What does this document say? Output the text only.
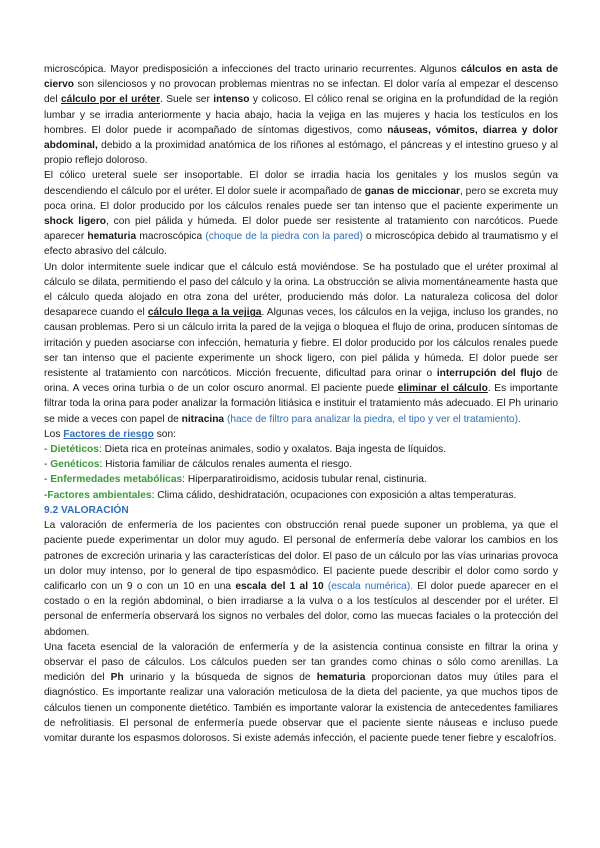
microscópica. Mayor predisposición a infecciones del tracto urinario recurrentes. Algunos cálculos en asta de ciervo son silenciosos y no provocan problemas mientras no se infectan. El dolor varía al empezar el descenso del cálculo por el uréter. Suele ser intenso y colicoso. El cólico renal se origina en la profundidad de la región lumbar y se irradia anteriormente y hacia abajo, hacia la vejiga en las mujeres y hacia los testículos en los hombres. El dolor puede ir acompañado de síntomas digestivos, como náuseas, vómitos, diarrea y dolor abdominal, debido a la proximidad anatómica de los riñones al estómago, el páncreas y el intestino grueso y al propio reflejo doloroso.

El cólico ureteral suele ser insoportable. El dolor se irradia hacia los genitales y los muslos según va descendiendo el cálculo por el uréter. El dolor suele ir acompañado de ganas de miccionar, pero se excreta muy poca orina. El dolor producido por los cálculos renales puede ser tan intenso que el paciente experimente un shock ligero, con piel pálida y húmeda. El dolor puede ser resistente al tratamiento con narcóticos. Puede aparecer hematuria macroscópica (choque de la piedra con la pared) o microscópica debido al traumatismo y el efecto abrasivo del cálculo.

Un dolor intermitente suele indicar que el cálculo está moviéndose. Se ha postulado que el uréter proximal al cálculo se dilata, permitiendo el paso del cálculo y la orina. La obstrucción se alivia momentáneamente hasta que el cálculo queda alojado en otra zona del uréter, produciendo más dolor. La naturaleza colicosa del dolor desaparece cuando el cálculo llega a la vejiga. Algunas veces, los cálculos en la vejiga, incluso los grandes, no causan problemas. Pero si un cálculo irrita la pared de la vejiga o bloquea el flujo de orina, producen síntomas de irritación y pueden asociarse con infección, hematuria y fiebre. El dolor producido por los cálculos renales puede ser tan intenso que el paciente experimente un shock ligero, con piel pálida y húmeda. El dolor puede ser resistente al tratamiento con narcóticos. Micción frecuente, dificultad para orinar o interrupción del flujo de orina. A veces orina turbia o de un color oscuro anormal. El paciente puede eliminar el cálculo. Es importante filtrar toda la orina para poder analizar la formación litiásica e instituir el tratamiento más adecuado. El Ph urinario se mide a veces con papel de nitracina (hace de filtro para analizar la piedra, el tipo y ver el tratamiento).

Los Factores de riesgo son:

- Dietéticos: Dieta rica en proteínas animales, sodio y oxalatos. Baja ingesta de líquidos.

- Genéticos: Historia familiar de cálculos renales aumenta el riesgo.

- Enfermedades metabólicas: Hiperparatiroidismo, acidosis tubular renal, cistinuria.

-Factores ambientales: Clima cálido, deshidratación, ocupaciones con exposición a altas temperaturas.

9.2 VALORACIÓN

La valoración de enfermería de los pacientes con obstrucción renal puede suponer un problema, ya que el paciente puede experimentar un dolor muy agudo. El personal de enfermería debe valorar los cambios en los patrones de excreción urinaria y las características del dolor. El paso de un cálculo por las vías urinarias provoca un dolor muy intenso, por lo general de tipo espasmódico. El paciente puede describir el dolor como sordo y calificarlo con un 9 o con un 10 en una escala del 1 al 10 (escala numérica). El dolor puede aparecer en el costado o en la región abdominal, o bien irradiarse a la vulva o a los testículos al descender por el uréter. El personal de enfermería observará los signos no verbales del dolor, como las muecas faciales o la protección del abdomen.

Una faceta esencial de la valoración de enfermería y de la asistencia continua consiste en filtrar la orina y observar el paso de cálculos. Los cálculos pueden ser tan grandes como chinas o sólo como arenillas. La medición del Ph urinario y la búsqueda de signos de hematuria proporcionan datos muy útiles para el diagnóstico. Es importante realizar una valoración meticulosa de la dieta del paciente, ya que muchos tipos de cálculos tienen un componente dietético. También es importante valorar la existencia de antecedentes familiares de nefrolitiasis. El personal de enfermería puede observar que el paciente siente náuseas e incluso puede vomitar durante los espasmos dolorosos. Si existe además infección, el paciente puede tener fiebre y escalofríos.
